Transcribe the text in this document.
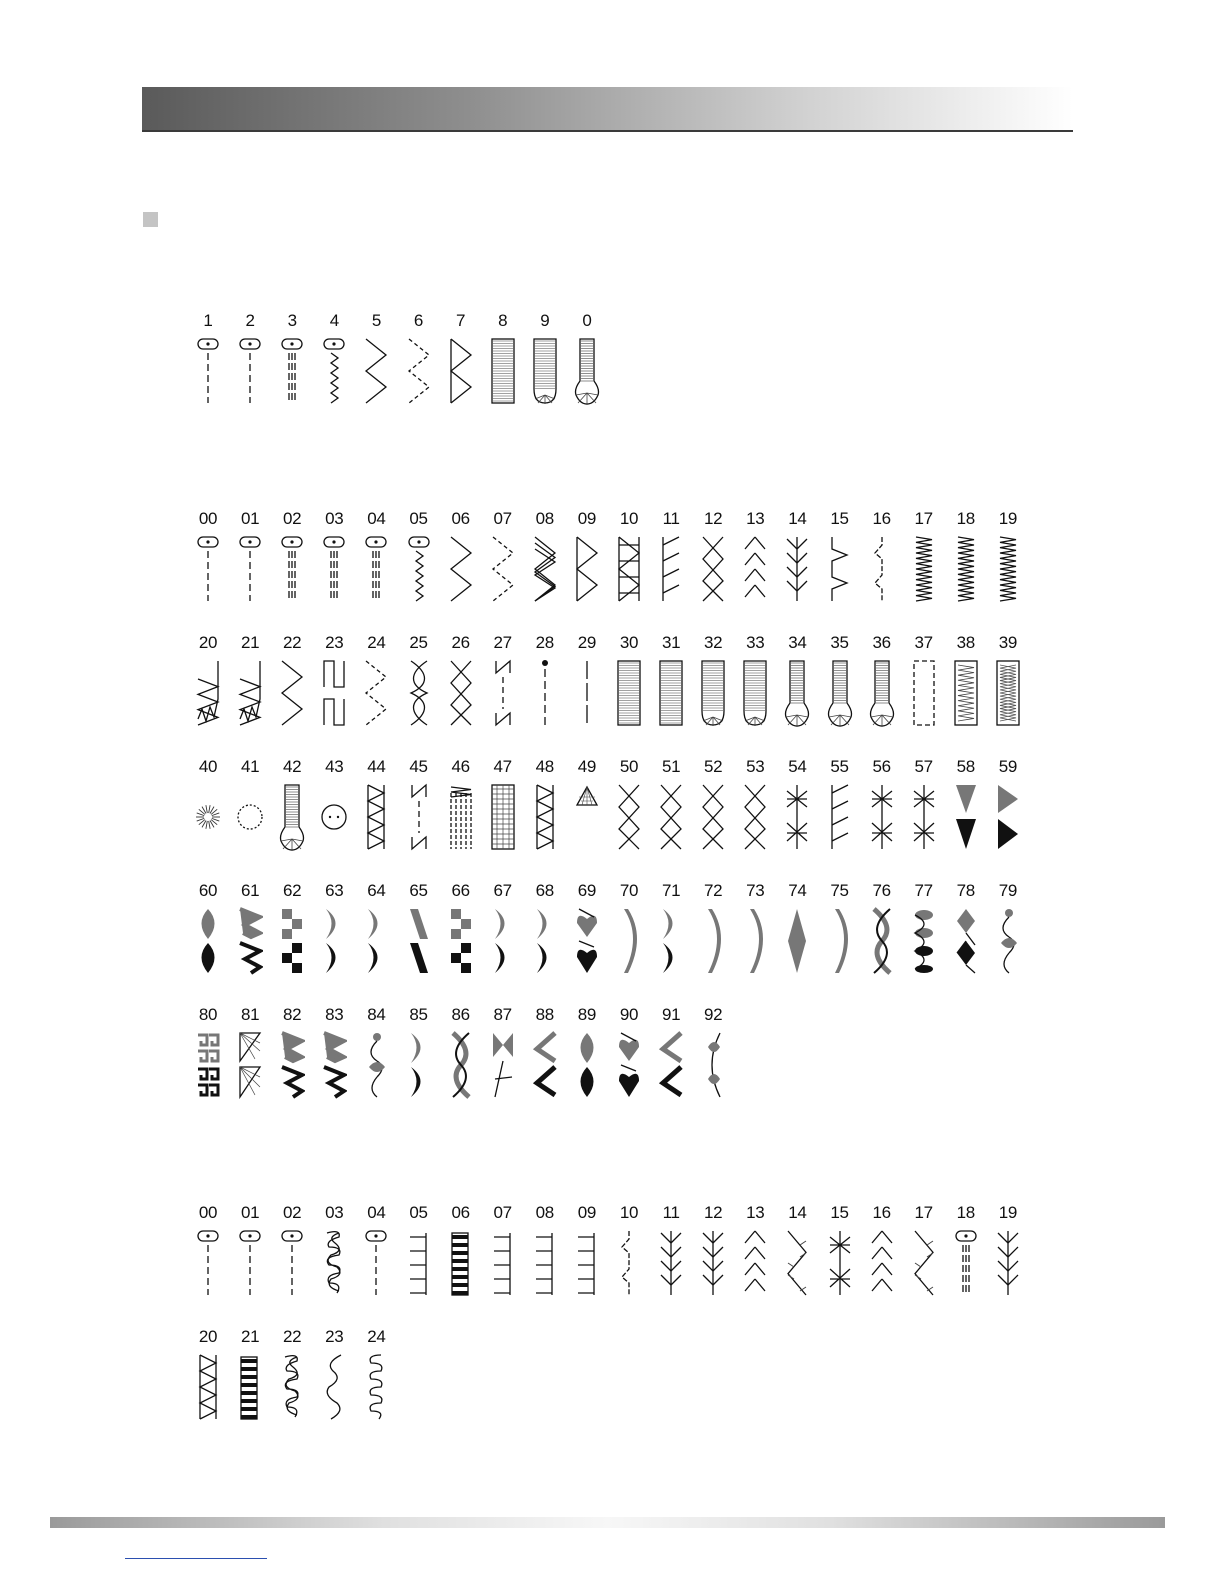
1	2	3	4	5	6	7	8	9	0
00	01	02	03	04	05	06	07	08	09	10	11	12	13	14	15	16	17	18	19
20	21	22	23	24	25	26	27	28	29	30	31	32	33	34	35	36	37	38	39
40	41	42	43	44	45	46	47	48	49	50	51	52	53	54	55	56	57	58	59
60	61	62	63	64	65	66	67	68	69	70	71	72	73	74	75	76	77	78	79
80	81	82	83	84	85	86	87	88	89	90	91	92
00	01	02	03	04	05	06	07	08	09	10	11	12	13	14	15	16	17	18	19
20	21	22	23	24
